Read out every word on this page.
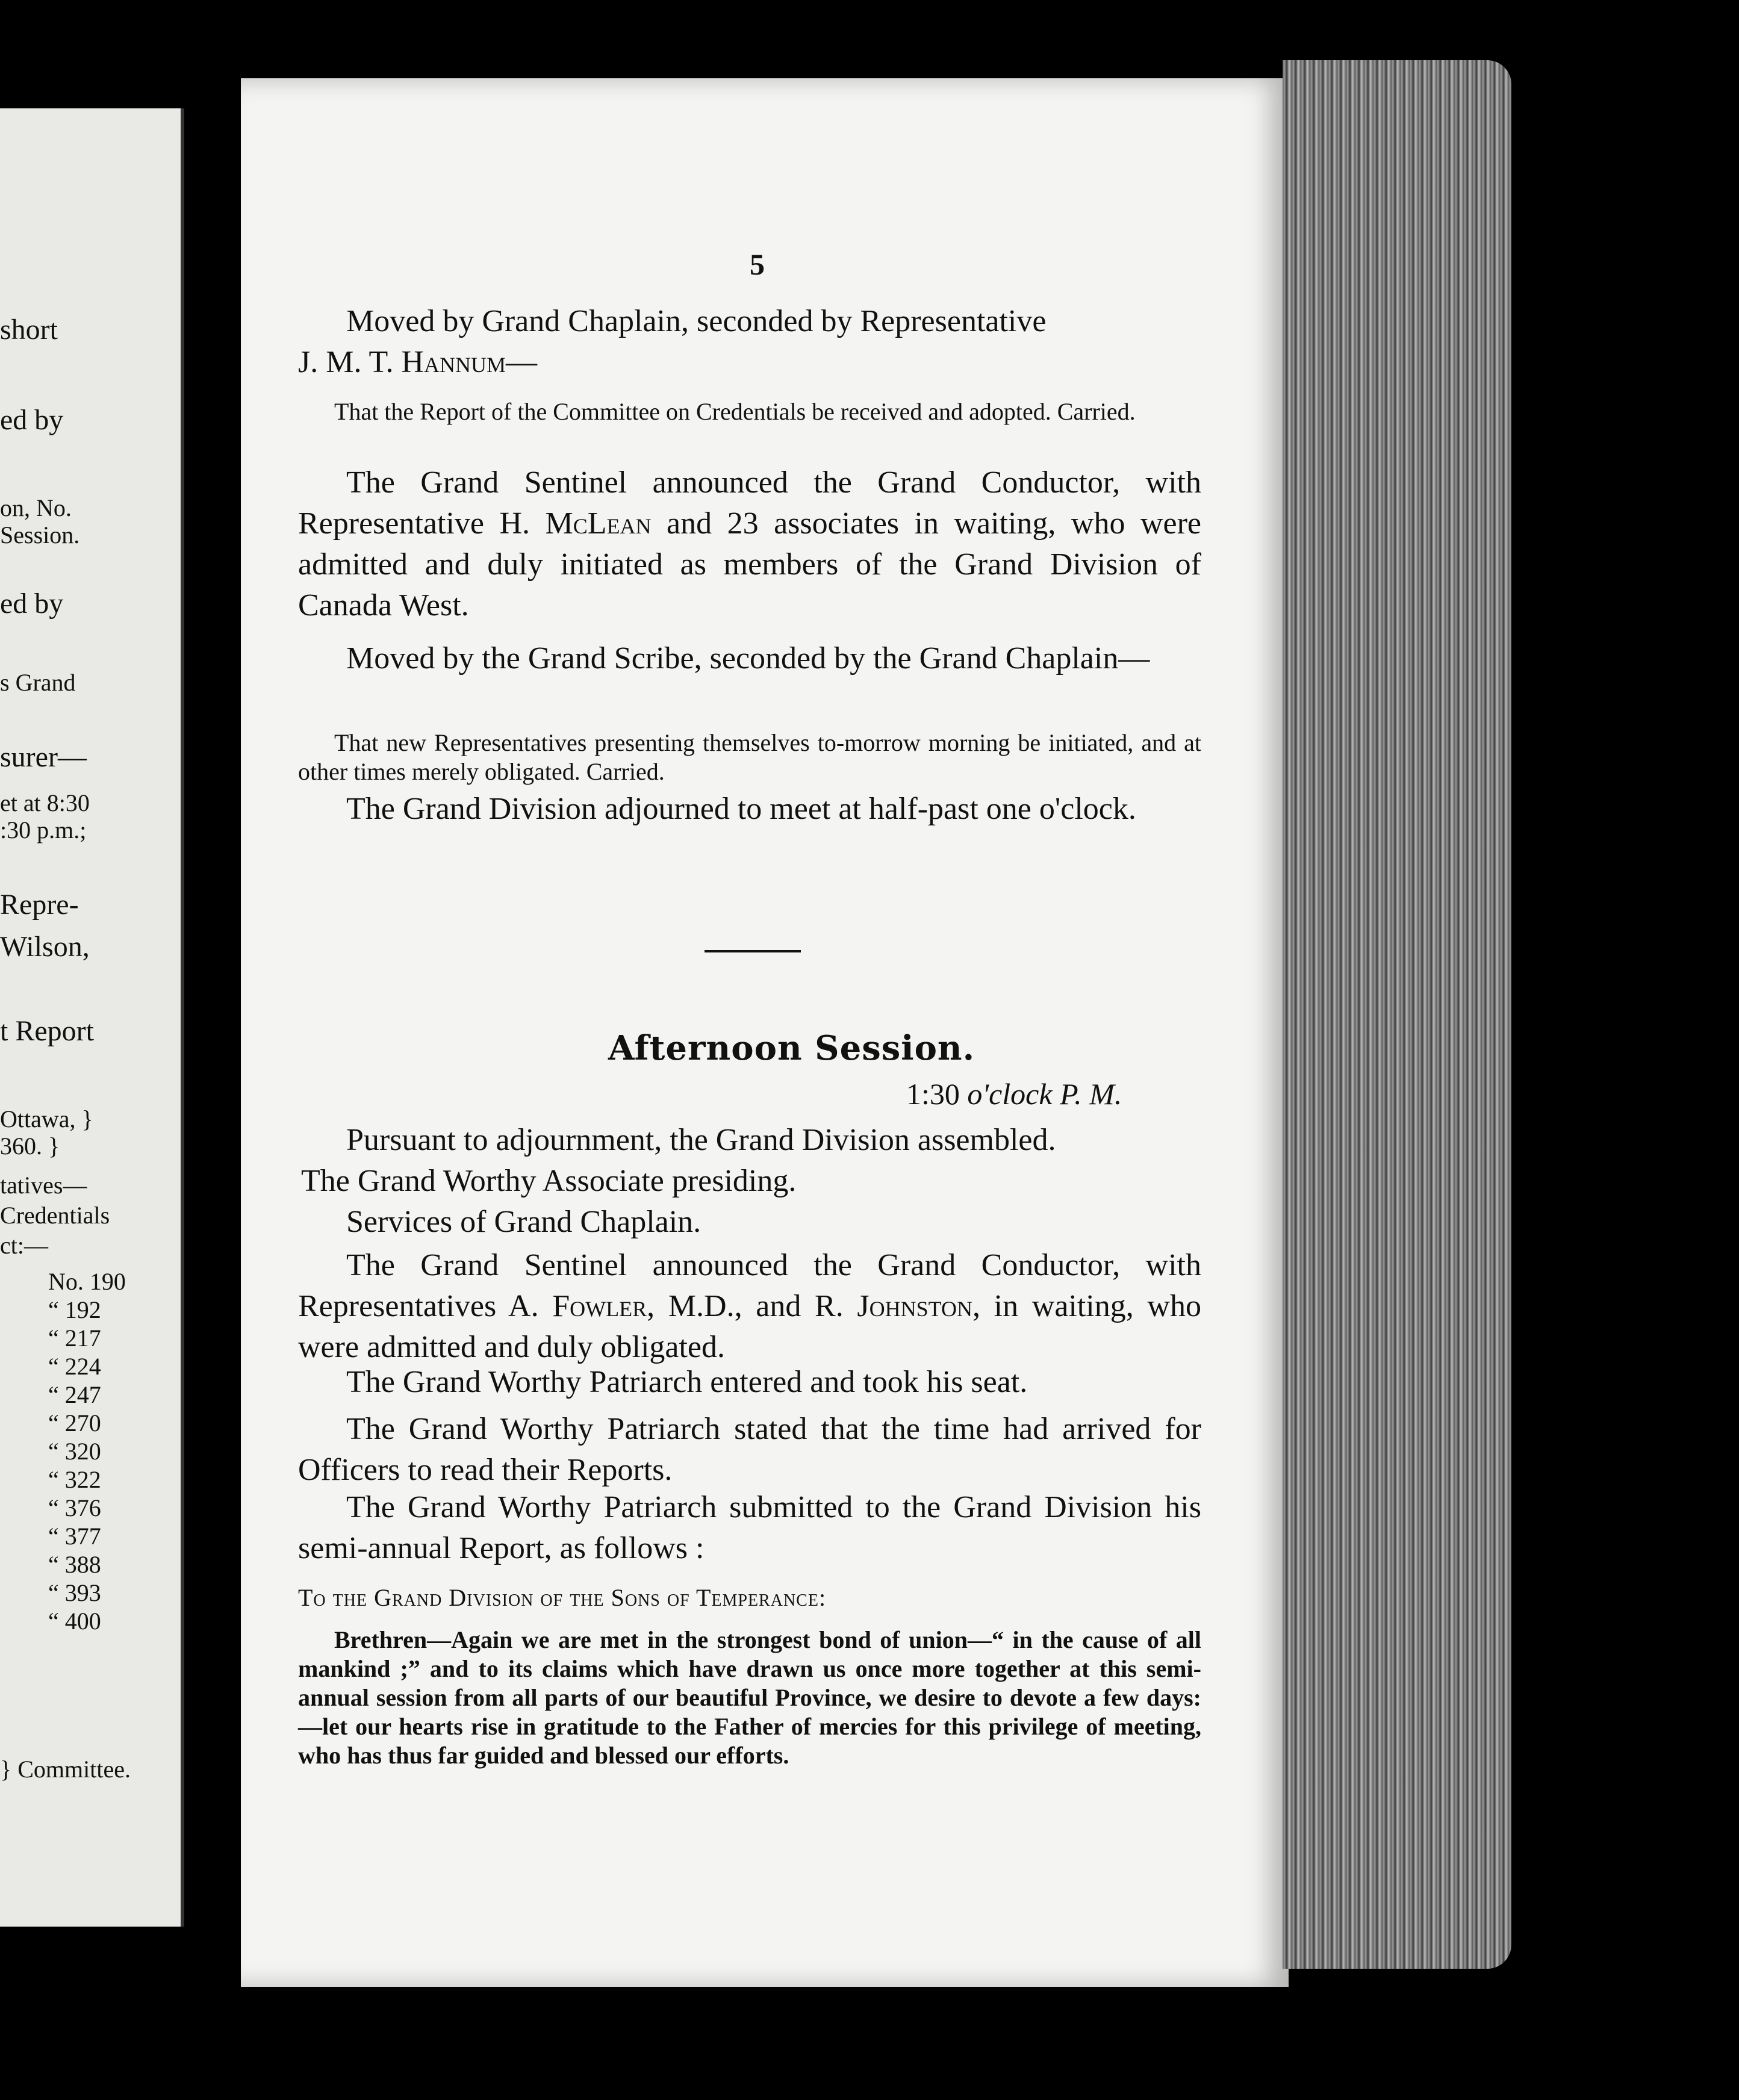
short
ed by
on, No.
Session.
ed by
s Grand
surer—
et at 8:30
:30 p.m.;
Repre-
Wilson,
t Report
Ottawa, }
360. }
tatives—
Credentials
ct:—
} Committee.
No. 190
“ 192
“ 217
“ 224
“ 247
“ 270
“ 320
“ 322
“ 376
“ 377
“ 388
“ 393
“ 400
5

Moved by Grand Chaplain, seconded by Representative

J. M. T. Hannum—

That the Report of the Committee on Credentials be received and adopted. Carried.

The Grand Sentinel announced the Grand Conductor, with Representative H. McLean and 23 associates in waiting, who were admitted and duly initiated as members of the Grand Division of Canada West.

Moved by the Grand Scribe, seconded by the Grand Chaplain—

That new Representatives presenting themselves to-morrow morning be initiated, and at other times merely obligated. Carried.

The Grand Division adjourned to meet at half-past one o'clock.

Afternoon Session.
1:30 o'clock P. M.

Pursuant to adjournment, the Grand Division assembled.

The Grand Worthy Associate presiding.

Services of Grand Chaplain.

The Grand Sentinel announced the Grand Conductor, with Representatives A. Fowler, M.D., and R. Johnston, in waiting, who were admitted and duly obligated.

The Grand Worthy Patriarch entered and took his seat.

The Grand Worthy Patriarch stated that the time had arrived for Officers to read their Reports.

The Grand Worthy Patriarch submitted to the Grand Division his semi-annual Report, as follows :

To the Grand Division of the Sons of Temperance:

Brethren—Again we are met in the strongest bond of union—“ in the cause of all mankind ;” and to its claims which have drawn us once more together at this semi-annual session from all parts of our beautiful Province, we desire to devote a few days:—let our hearts rise in gratitude to the Father of mercies for this privilege of meeting, who has thus far guided and blessed our efforts.
